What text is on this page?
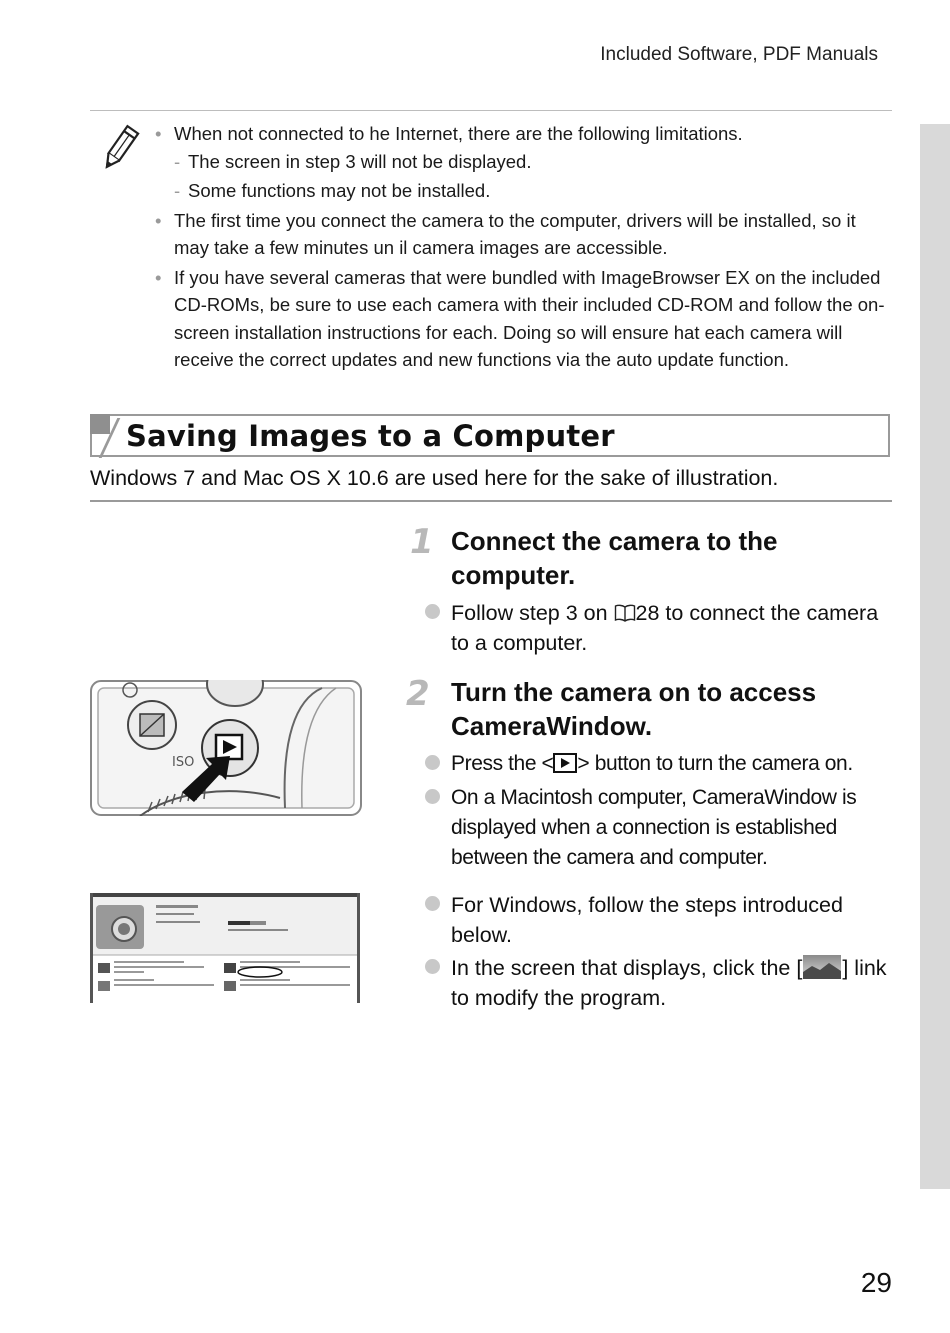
Included Software, PDF Manuals
• When not connected to he Internet, there are the following limitations.
- The screen in step 3 will not be displayed.
- Some functions may not be installed.
• The first time you connect the camera to the computer, drivers will be installed, so it may take a few minutes un il camera images are accessible.
• If you have several cameras that were bundled with ImageBrowser EX on the included CD-ROMs, be sure to use each camera with their included CD-ROM and follow the on-screen installation instructions for each. Doing so will ensure hat each camera will receive the correct updates and new functions via the auto update function.
Saving Images to a Computer
Windows 7 and Mac OS X 10.6 are used here for the sake of illustration.
1 Connect the camera to the computer.
Follow step 3 on 28 to connect the camera to a computer.
2 Turn the camera on to access CameraWindow.
Press the < > button to turn the camera on.
On a Macintosh computer, CameraWindow is displayed when a connection is established between the camera and computer.
For Windows, follow the steps introduced below.
In the screen that displays, click the [ ] link to modify the program.
ISO
29
